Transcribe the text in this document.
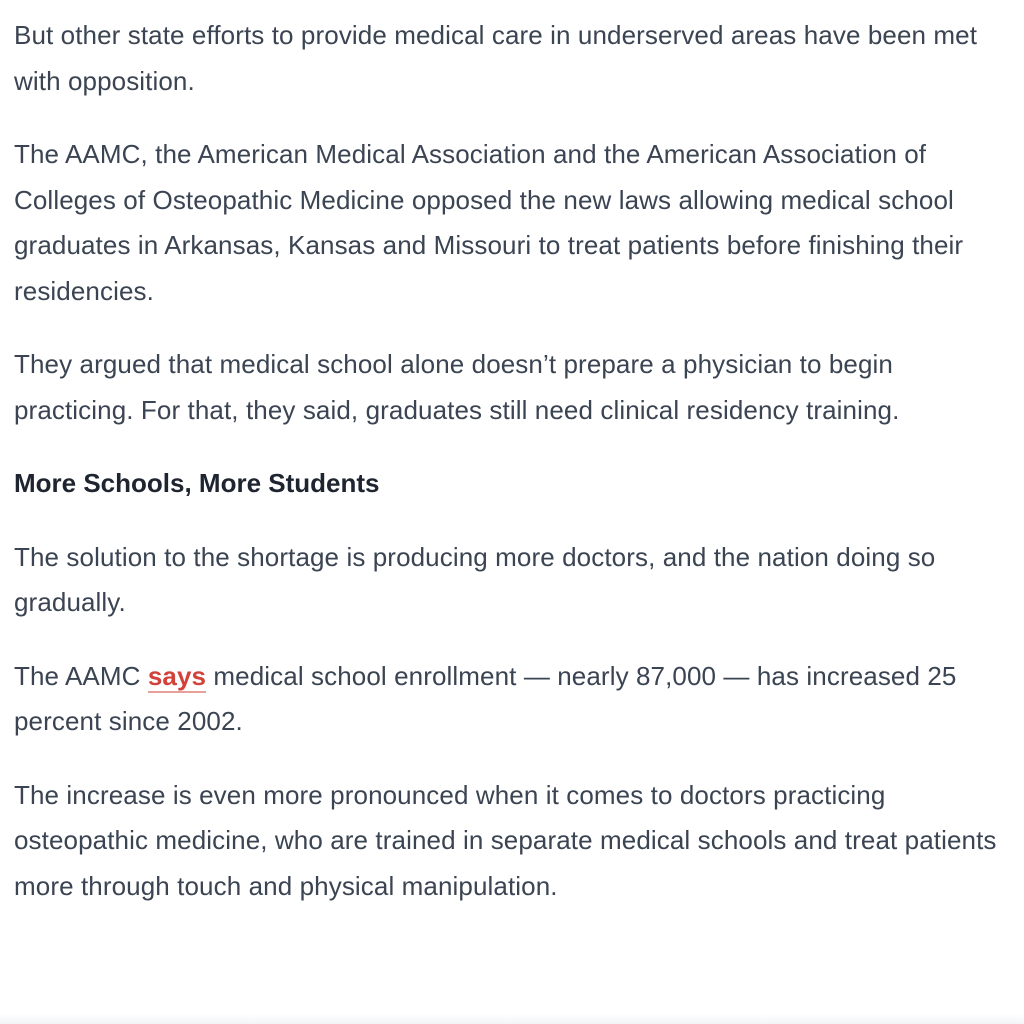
But other state efforts to provide medical care in underserved areas have been met with opposition.

The AAMC, the American Medical Association and the American Association of Colleges of Osteopathic Medicine opposed the new laws allowing medical school graduates in Arkansas, Kansas and Missouri to treat patients before finishing their residencies.

They argued that medical school alone doesn’t prepare a physician to begin practicing. For that, they said, graduates still need clinical residency training.

More Schools, More Students

The solution to the shortage is producing more doctors, and the nation doing so gradually.

The AAMC says medical school enrollment — nearly 87,000 — has increased 25 percent since 2002.

The increase is even more pronounced when it comes to doctors practicing osteopathic medicine, who are trained in separate medical schools and treat patients more through touch and physical manipulation.
